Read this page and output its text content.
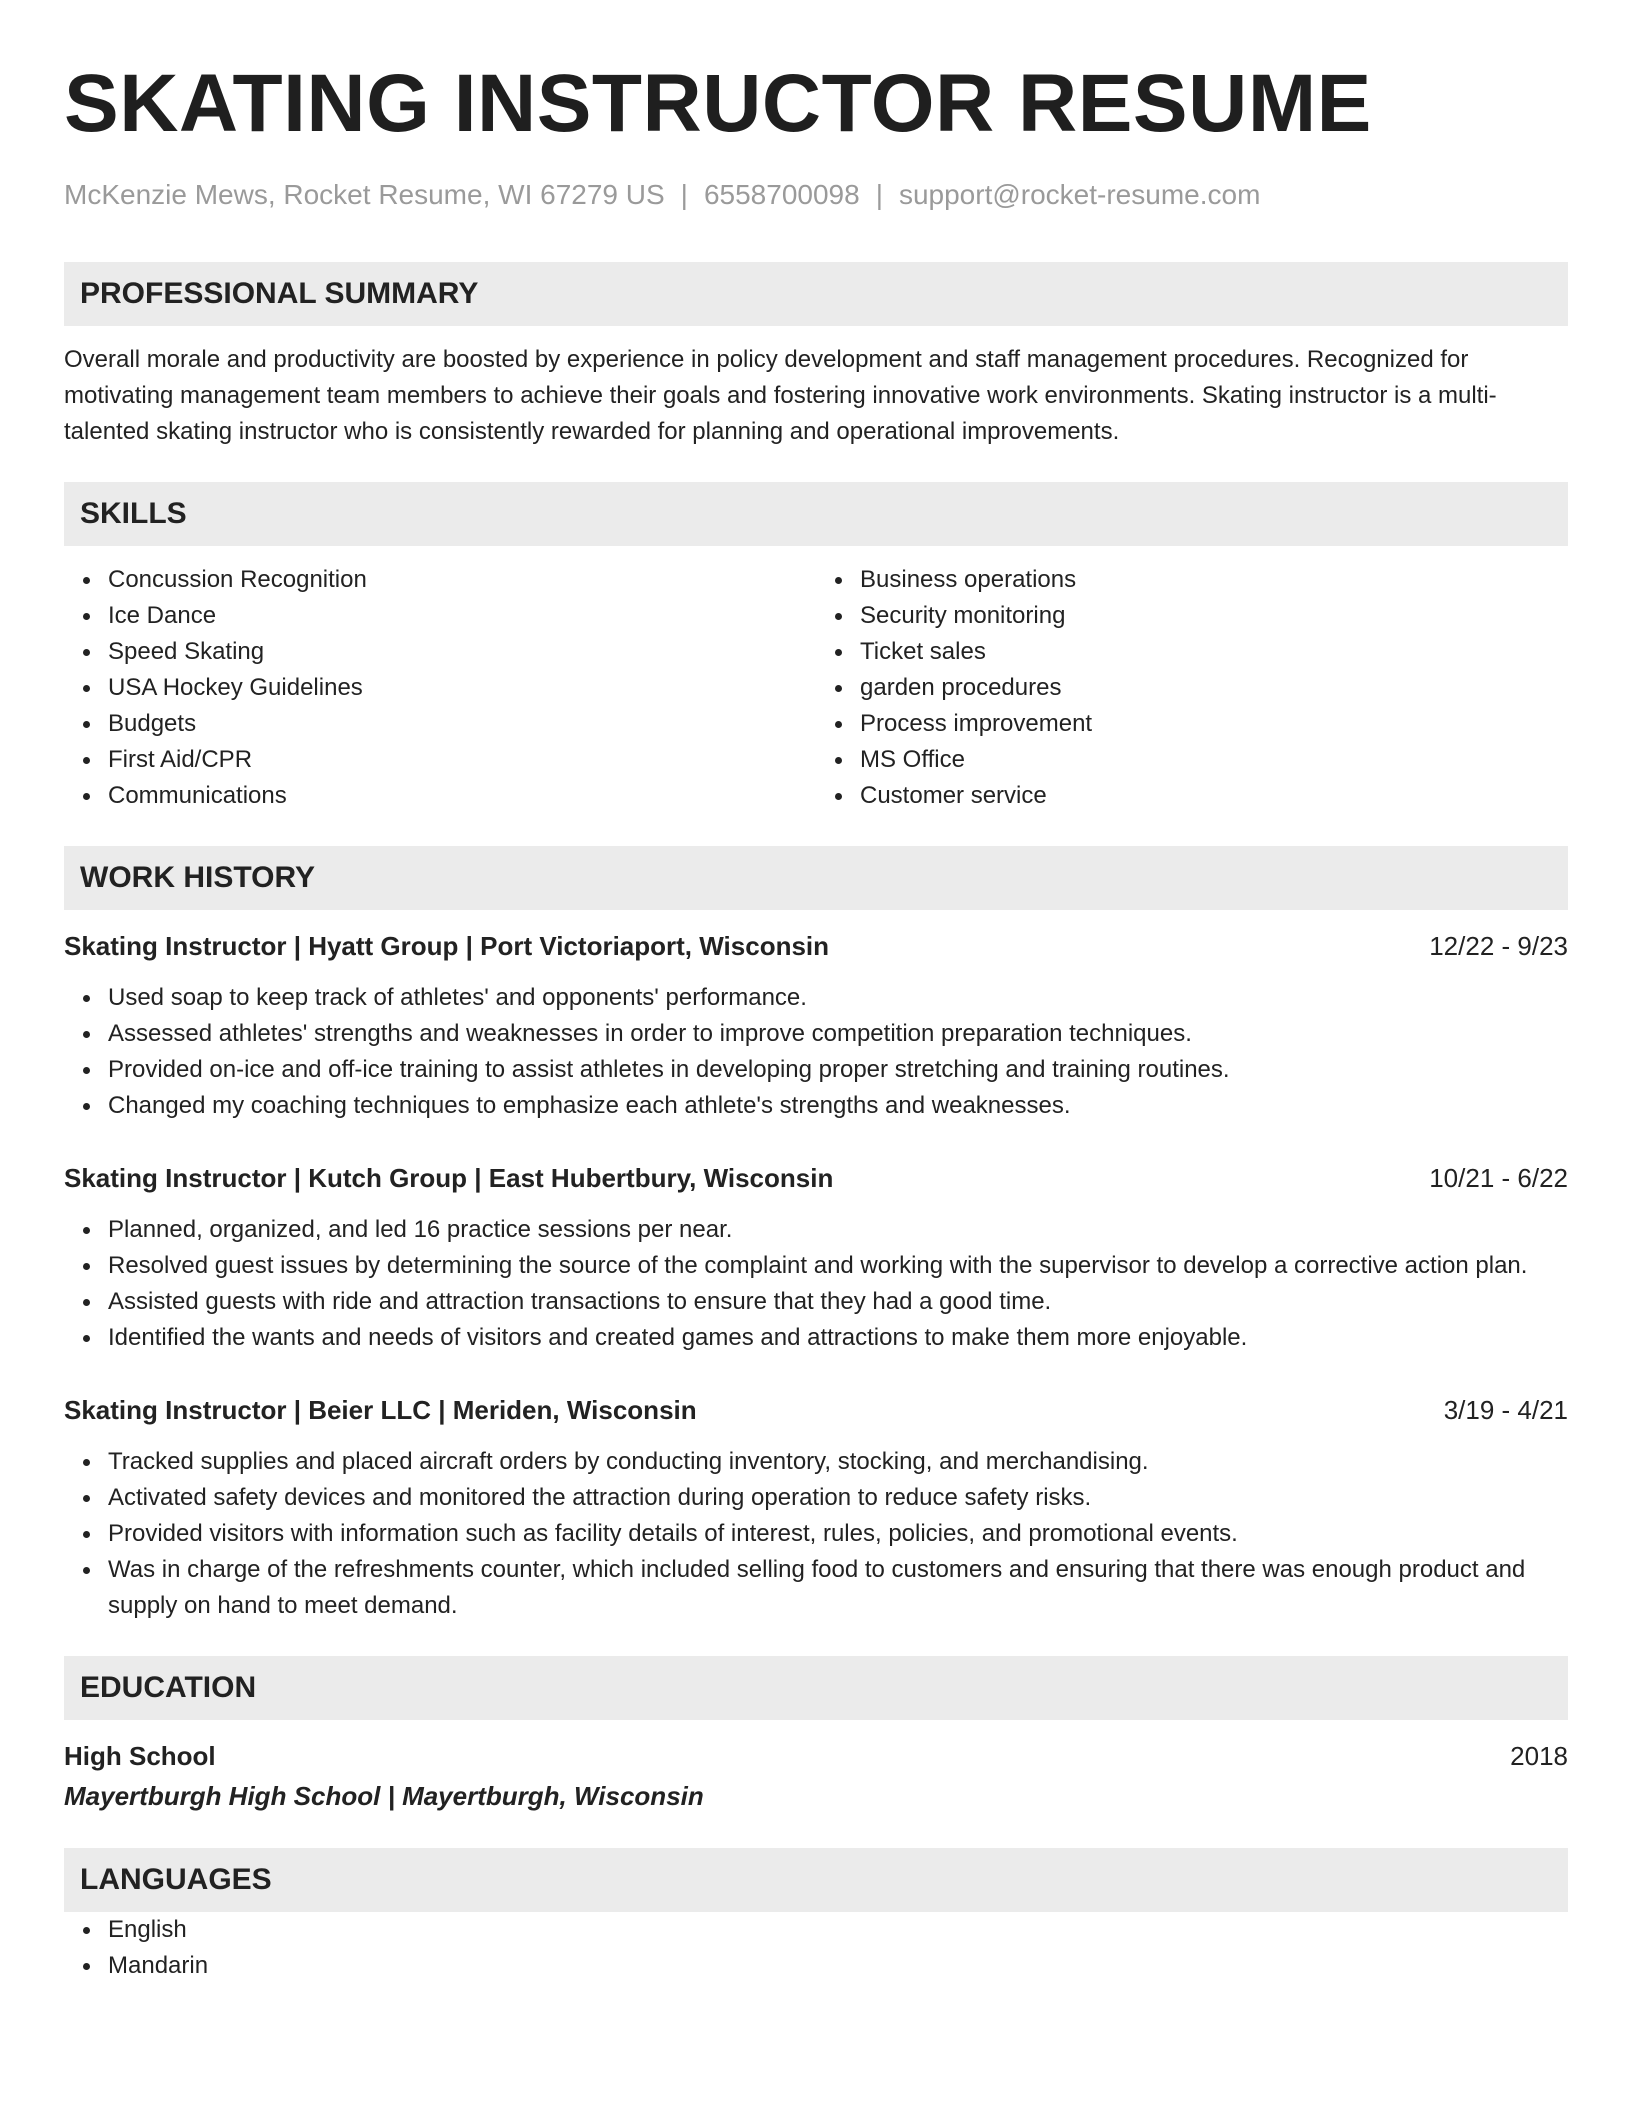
SKATING INSTRUCTOR RESUME
McKenzie Mews, Rocket Resume, WI 67279 US | 6558700098 | support@rocket-resume.com
PROFESSIONAL SUMMARY
Overall morale and productivity are boosted by experience in policy development and staff management procedures. Recognized for motivating management team members to achieve their goals and fostering innovative work environments. Skating instructor is a multi-talented skating instructor who is consistently rewarded for planning and operational improvements.
SKILLS
Concussion Recognition
Ice Dance
Speed Skating
USA Hockey Guidelines
Budgets
First Aid/CPR
Communications
Business operations
Security monitoring
Ticket sales
garden procedures
Process improvement
MS Office
Customer service
WORK HISTORY
Skating Instructor | Hyatt Group | Port Victoriaport, Wisconsin	12/22 - 9/23
Used soap to keep track of athletes' and opponents' performance.
Assessed athletes' strengths and weaknesses in order to improve competition preparation techniques.
Provided on-ice and off-ice training to assist athletes in developing proper stretching and training routines.
Changed my coaching techniques to emphasize each athlete's strengths and weaknesses.
Skating Instructor | Kutch Group | East Hubertbury, Wisconsin	10/21 - 6/22
Planned, organized, and led 16 practice sessions per near.
Resolved guest issues by determining the source of the complaint and working with the supervisor to develop a corrective action plan.
Assisted guests with ride and attraction transactions to ensure that they had a good time.
Identified the wants and needs of visitors and created games and attractions to make them more enjoyable.
Skating Instructor | Beier LLC | Meriden, Wisconsin	3/19 - 4/21
Tracked supplies and placed aircraft orders by conducting inventory, stocking, and merchandising.
Activated safety devices and monitored the attraction during operation to reduce safety risks.
Provided visitors with information such as facility details of interest, rules, policies, and promotional events.
Was in charge of the refreshments counter, which included selling food to customers and ensuring that there was enough product and supply on hand to meet demand.
EDUCATION
High School	2018
Mayertburgh High School | Mayertburgh, Wisconsin
LANGUAGES
English
Mandarin
